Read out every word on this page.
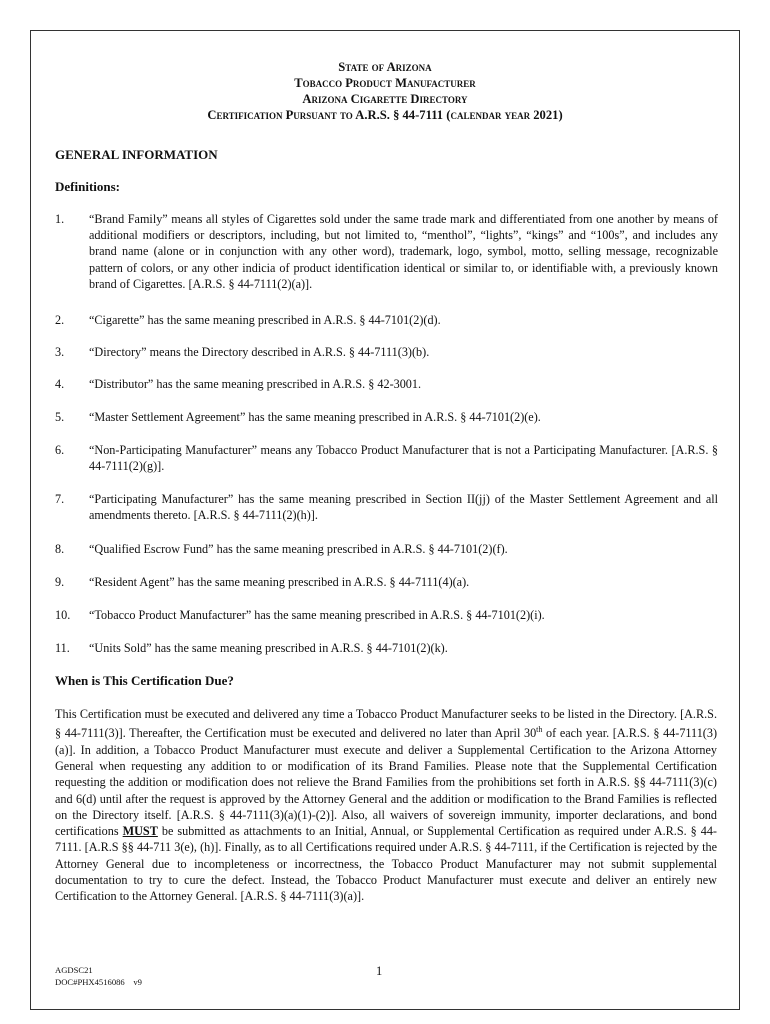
State of Arizona
Tobacco Product Manufacturer
Arizona Cigarette Directory
Certification Pursuant to A.R.S. § 44-7111 (calendar year 2021)
GENERAL INFORMATION
Definitions:
1. “Brand Family” means all styles of Cigarettes sold under the same trade mark and differentiated from one another by means of additional modifiers or descriptors, including, but not limited to, “menthol”, “lights”, “kings” and “100s”, and includes any brand name (alone or in conjunction with any other word), trademark, logo, symbol, motto, selling message, recognizable pattern of colors, or any other indicia of product identification identical or similar to, or identifiable with, a previously known brand of Cigarettes. [A.R.S. § 44-7111(2)(a)].
2. “Cigarette” has the same meaning prescribed in A.R.S. § 44-7101(2)(d).
3. “Directory” means the Directory described in A.R.S. § 44-7111(3)(b).
4. “Distributor” has the same meaning prescribed in A.R.S. § 42-3001.
5. “Master Settlement Agreement” has the same meaning prescribed in A.R.S. § 44-7101(2)(e).
6. “Non-Participating Manufacturer” means any Tobacco Product Manufacturer that is not a Participating Manufacturer. [A.R.S. § 44-7111(2)(g)].
7. “Participating Manufacturer” has the same meaning prescribed in Section II(jj) of the Master Settlement Agreement and all amendments thereto. [A.R.S. § 44-7111(2)(h)].
8. “Qualified Escrow Fund” has the same meaning prescribed in A.R.S. § 44-7101(2)(f).
9. “Resident Agent” has the same meaning prescribed in A.R.S. § 44-7111(4)(a).
10. “Tobacco Product Manufacturer” has the same meaning prescribed in A.R.S. § 44-7101(2)(i).
11. “Units Sold” has the same meaning prescribed in A.R.S. § 44-7101(2)(k).
When is This Certification Due?
This Certification must be executed and delivered any time a Tobacco Product Manufacturer seeks to be listed in the Directory. [A.R.S. § 44-7111(3)]. Thereafter, the Certification must be executed and delivered no later than April 30th of each year. [A.R.S. § 44-7111(3)(a)]. In addition, a Tobacco Product Manufacturer must execute and deliver a Supplemental Certification to the Arizona Attorney General when requesting any addition to or modification of its Brand Families. Please note that the Supplemental Certification requesting the addition or modification does not relieve the Brand Families from the prohibitions set forth in A.R.S. §§ 44-7111(3)(c) and 6(d) until after the request is approved by the Attorney General and the addition or modification to the Brand Families is reflected on the Directory itself. [A.R.S. § 44-7111(3)(a)(1)-(2)]. Also, all waivers of sovereign immunity, importer declarations, and bond certifications MUST be submitted as attachments to an Initial, Annual, or Supplemental Certification as required under A.R.S. § 44-7111. [A.R.S §§ 44-711 3(e), (h)]. Finally, as to all Certifications required under A.R.S. § 44-7111, if the Certification is rejected by the Attorney General due to incompleteness or incorrectness, the Tobacco Product Manufacturer may not submit supplemental documentation to try to cure the defect. Instead, the Tobacco Product Manufacturer must execute and deliver an entirely new Certification to the Attorney General. [A.R.S. § 44-7111(3)(a)].
AGDSC21
DOC#PHX4516086 v9
1
